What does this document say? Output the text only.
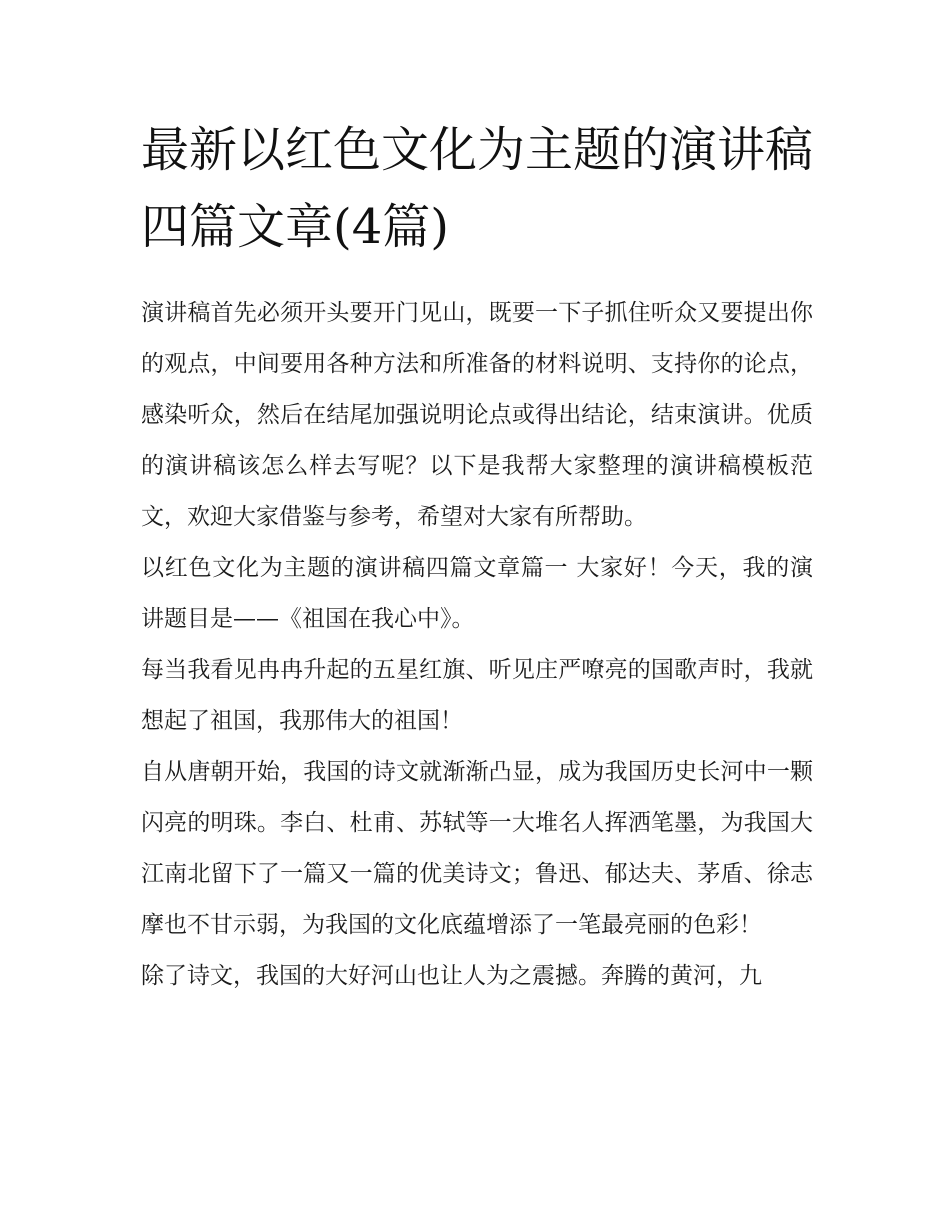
最新以红色文化为主题的演讲稿四篇文章(4篇)

演讲稿首先必须开头要开门见山，既要一下子抓住听众又要提出你的观点，中间要用各种方法和所准备的材料说明、支持你的论点，感染听众，然后在结尾加强说明论点或得出结论，结束演讲。优质的演讲稿该怎么样去写呢？以下是我帮大家整理的演讲稿模板范文，欢迎大家借鉴与参考，希望对大家有所帮助。

以红色文化为主题的演讲稿四篇文章篇一 大家好！今天，我的演讲题目是——《祖国在我心中》。

每当我看见冉冉升起的五星红旗、听见庄严嘹亮的国歌声时，我就想起了祖国，我那伟大的祖国！

自从唐朝开始，我国的诗文就渐渐凸显，成为我国历史长河中一颗闪亮的明珠。李白、杜甫、苏轼等一大堆名人挥洒笔墨，为我国大江南北留下了一篇又一篇的优美诗文；鲁迅、郁达夫、茅盾、徐志摩也不甘示弱，为我国的文化底蕴增添了一笔最亮丽的色彩！

除了诗文，我国的大好河山也让人为之震撼。奔腾的黄河，九
